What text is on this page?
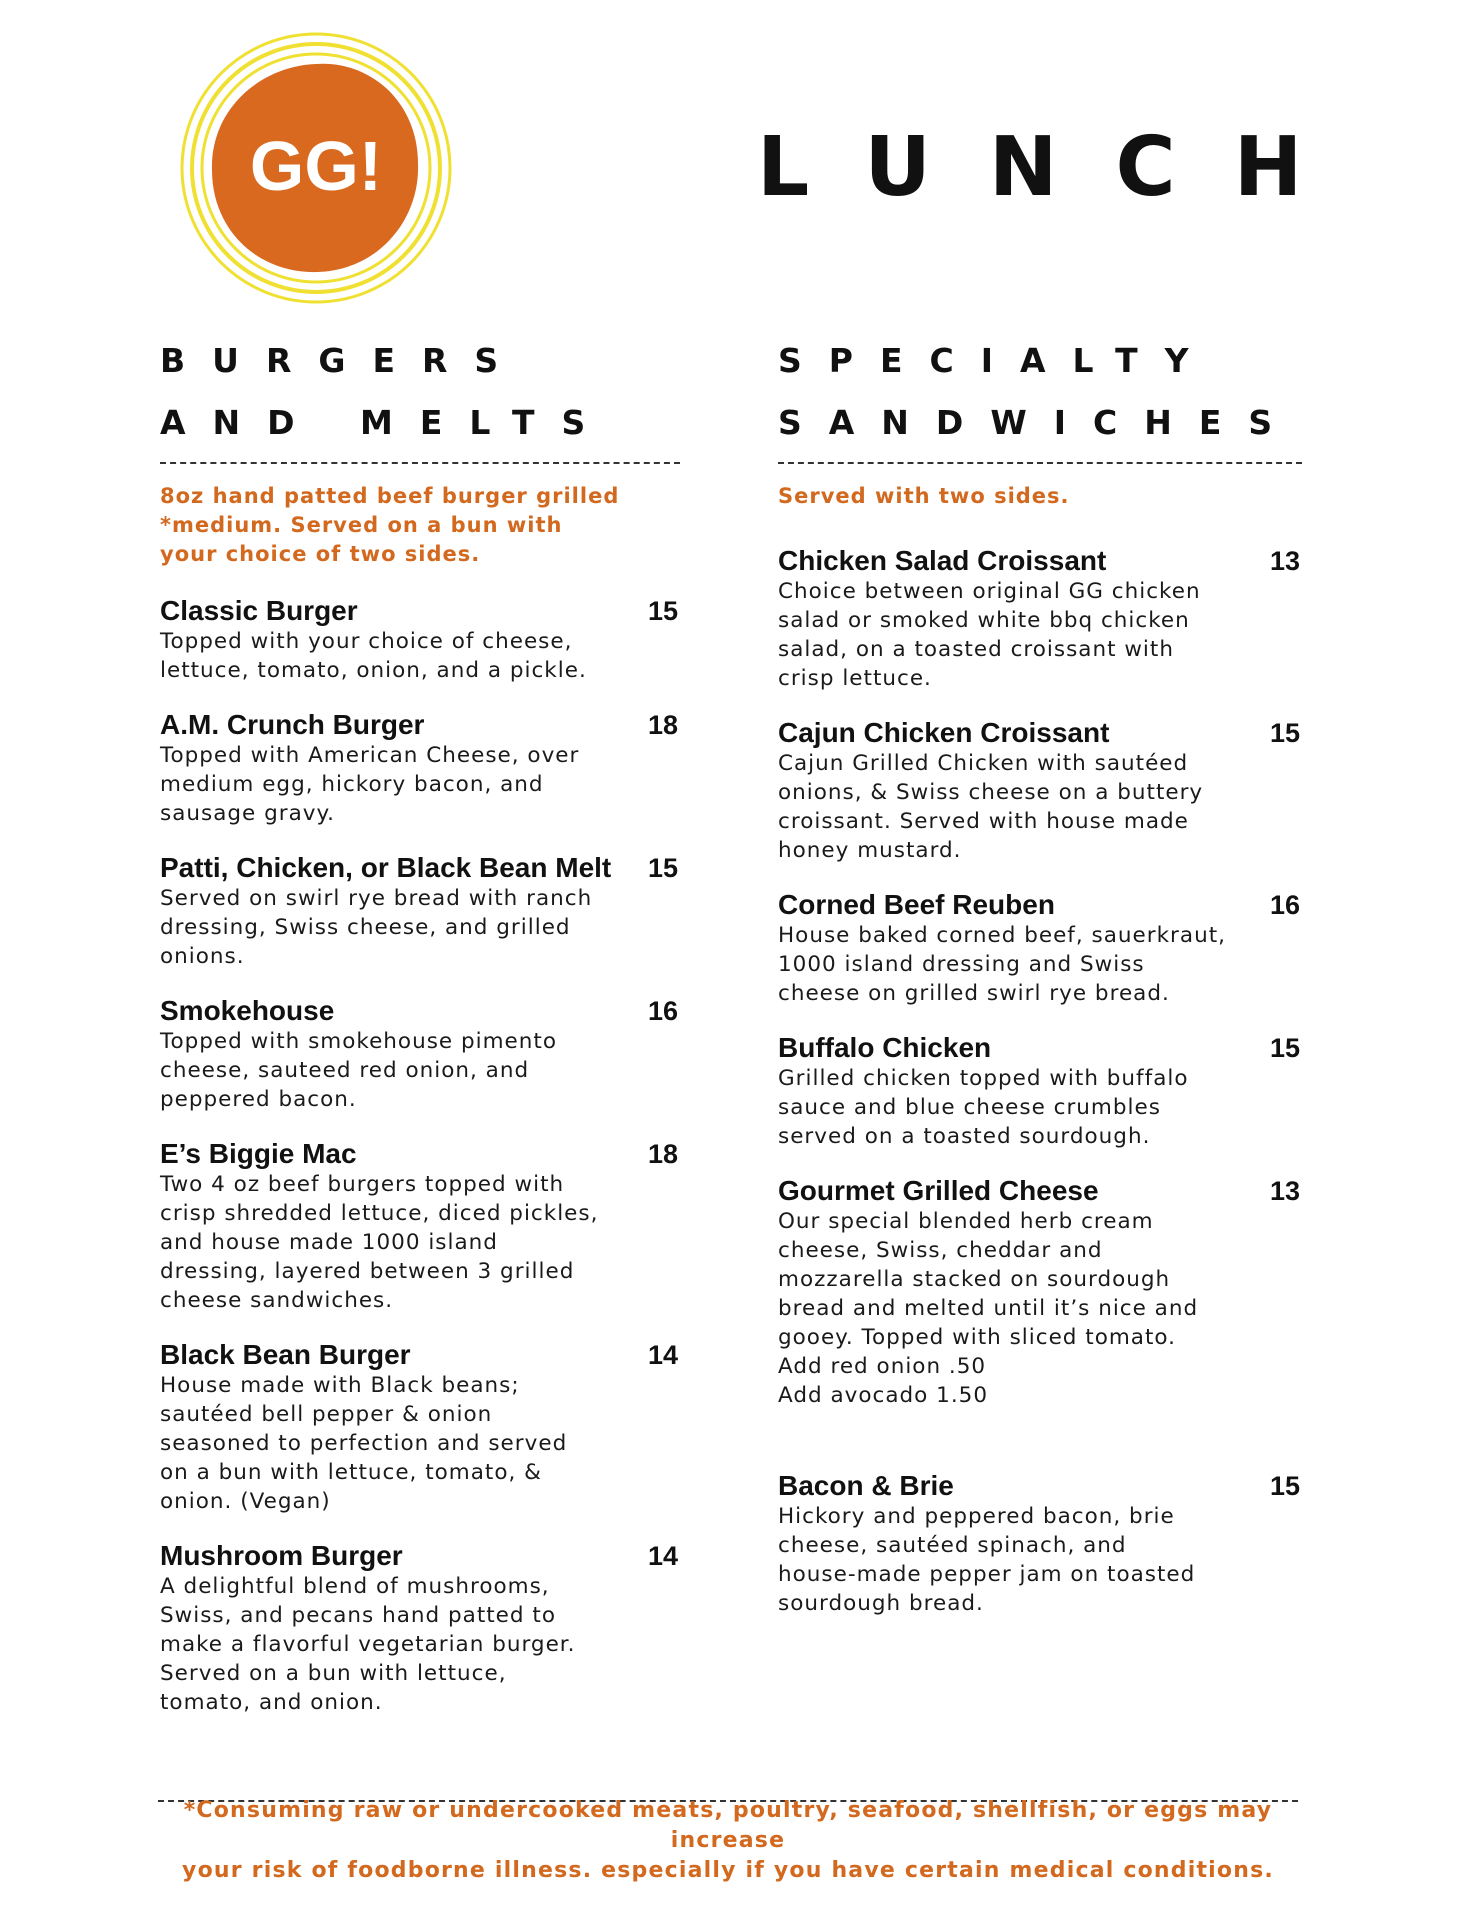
GG!	LUNCH
BURGERS
AND MELTS
8oz hand patted beef burger grilled *medium. Served on a bun with your choice of two sides.
Classic Burger	15
Topped with your choice of cheese,
lettuce, tomato, onion, and a pickle.
A.M. Crunch Burger	18
Topped with American Cheese, over
medium egg, hickory bacon, and
sausage gravy.
Patti, Chicken, or Black Bean Melt	15
Served on swirl rye bread with ranch
dressing, Swiss cheese, and grilled
onions.
Smokehouse	16
Topped with smokehouse pimento
cheese, sauteed red onion, and
peppered bacon.
E’s Biggie Mac	18
Two 4 oz beef burgers topped with
crisp shredded lettuce, diced pickles,
and house made 1000 island
dressing, layered between 3 grilled
cheese sandwiches.
Black Bean Burger	14
House made with Black beans;
sautéed bell pepper & onion
seasoned to perfection and served
on a bun with lettuce, tomato, &
onion. (Vegan)
Mushroom Burger	14
A delightful blend of mushrooms,
Swiss, and pecans hand patted to
make a flavorful vegetarian burger.
Served on a bun with lettuce,
tomato, and onion.
SPECIALTY
SANDWICHES
Served with two sides.
Chicken Salad Croissant	13
Choice between original GG chicken
salad or smoked white bbq chicken
salad, on a toasted croissant with
crisp lettuce.
Cajun Chicken Croissant	15
Cajun Grilled Chicken with sautéed
onions, & Swiss cheese on a buttery
croissant. Served with house made
honey mustard.
Corned Beef Reuben	16
House baked corned beef, sauerkraut,
1000 island dressing and Swiss
cheese on grilled swirl rye bread.
Buffalo Chicken	15
Grilled chicken topped with buffalo
sauce and blue cheese crumbles
served on a toasted sourdough.
Gourmet Grilled Cheese	13
Our special blended herb cream
cheese, Swiss, cheddar and
mozzarella stacked on sourdough
bread and melted until it’s nice and
gooey. Topped with sliced tomato.
Add red onion .50
Add avocado 1.50
Bacon & Brie	15
Hickory and peppered bacon, brie
cheese, sautéed spinach, and
house-made pepper jam on toasted
sourdough bread.
*Consuming raw or undercooked meats, poultry, seafood, shellfish, or eggs may increase
your risk of foodborne illness. especially if you have certain medical conditions.
